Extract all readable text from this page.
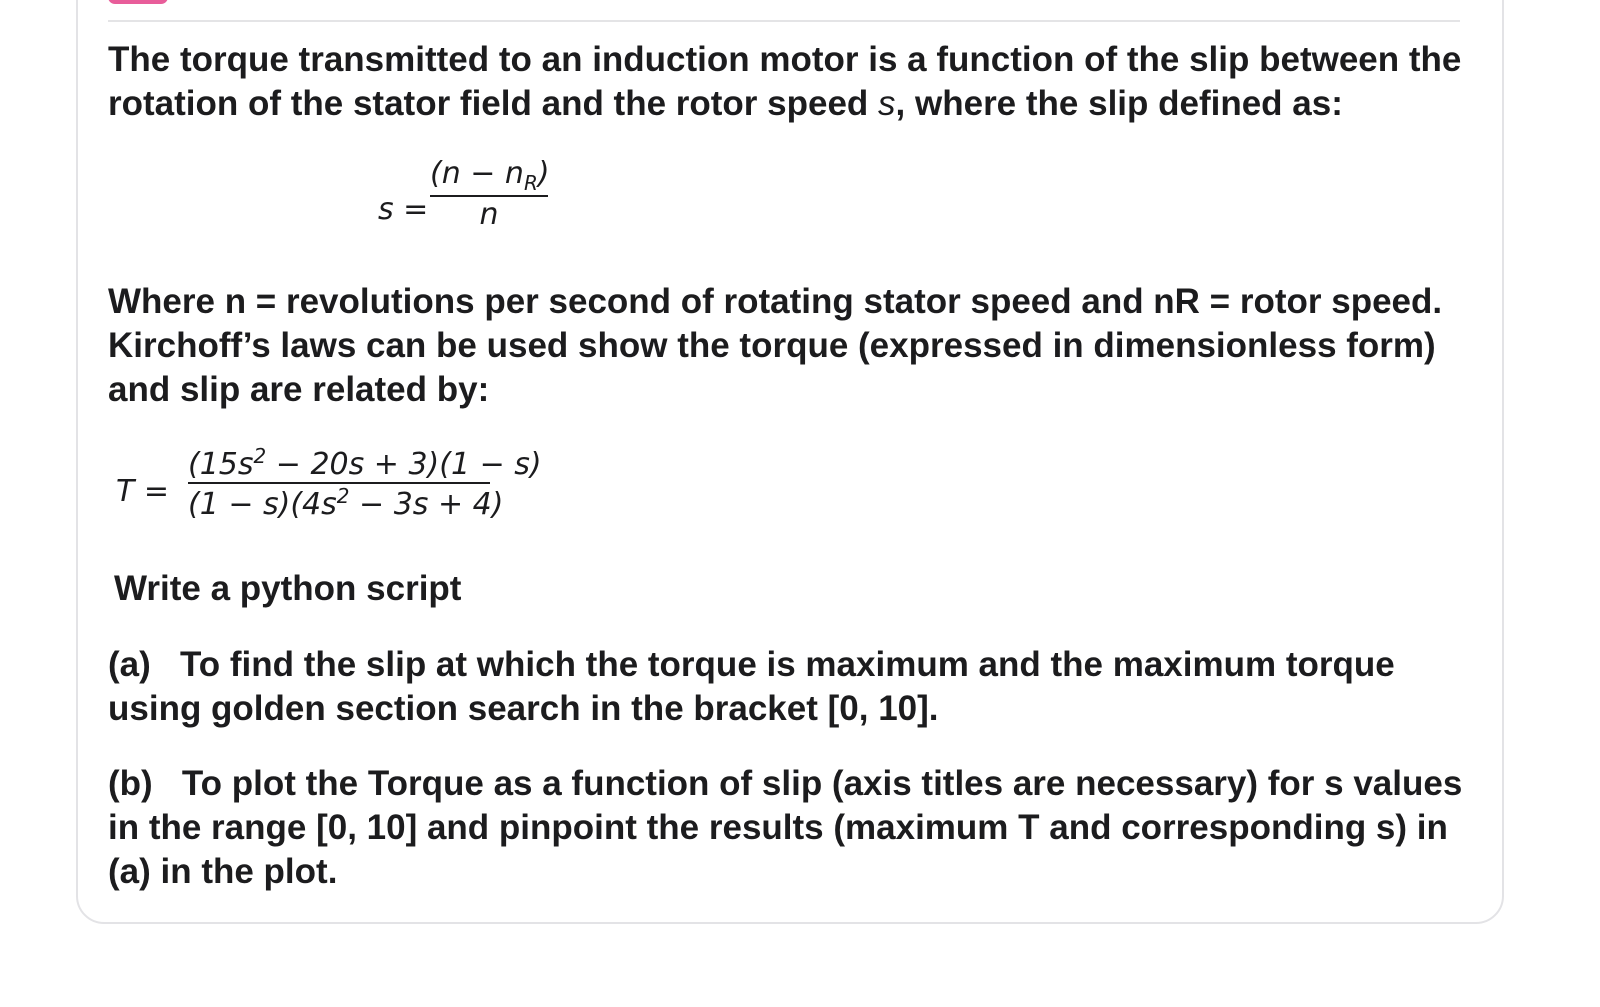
The torque transmitted to an induction motor is a function of the slip between the rotation of the stator field and the rotor speed s, where the slip defined as:

s =
$(n - n_R)$
n

Where n = revolutions per second of rotating stator speed and nR = rotor speed. Kirchoff’s laws can be used show the torque (expressed in dimensionless form) and slip are related by:

T =
$(15s^2 - 20s + 3)(1 - s)$
$(1 - s)(4s^2 - 3s + 4)$

Write a python script

(a)   To find the slip at which the torque is maximum and the maximum torque using golden section search in the bracket [0, 10].

(b)   To plot the Torque as a function of slip (axis titles are necessary) for s values in the range [0, 10] and pinpoint the results (maximum T and corresponding s) in (a) in the plot.
